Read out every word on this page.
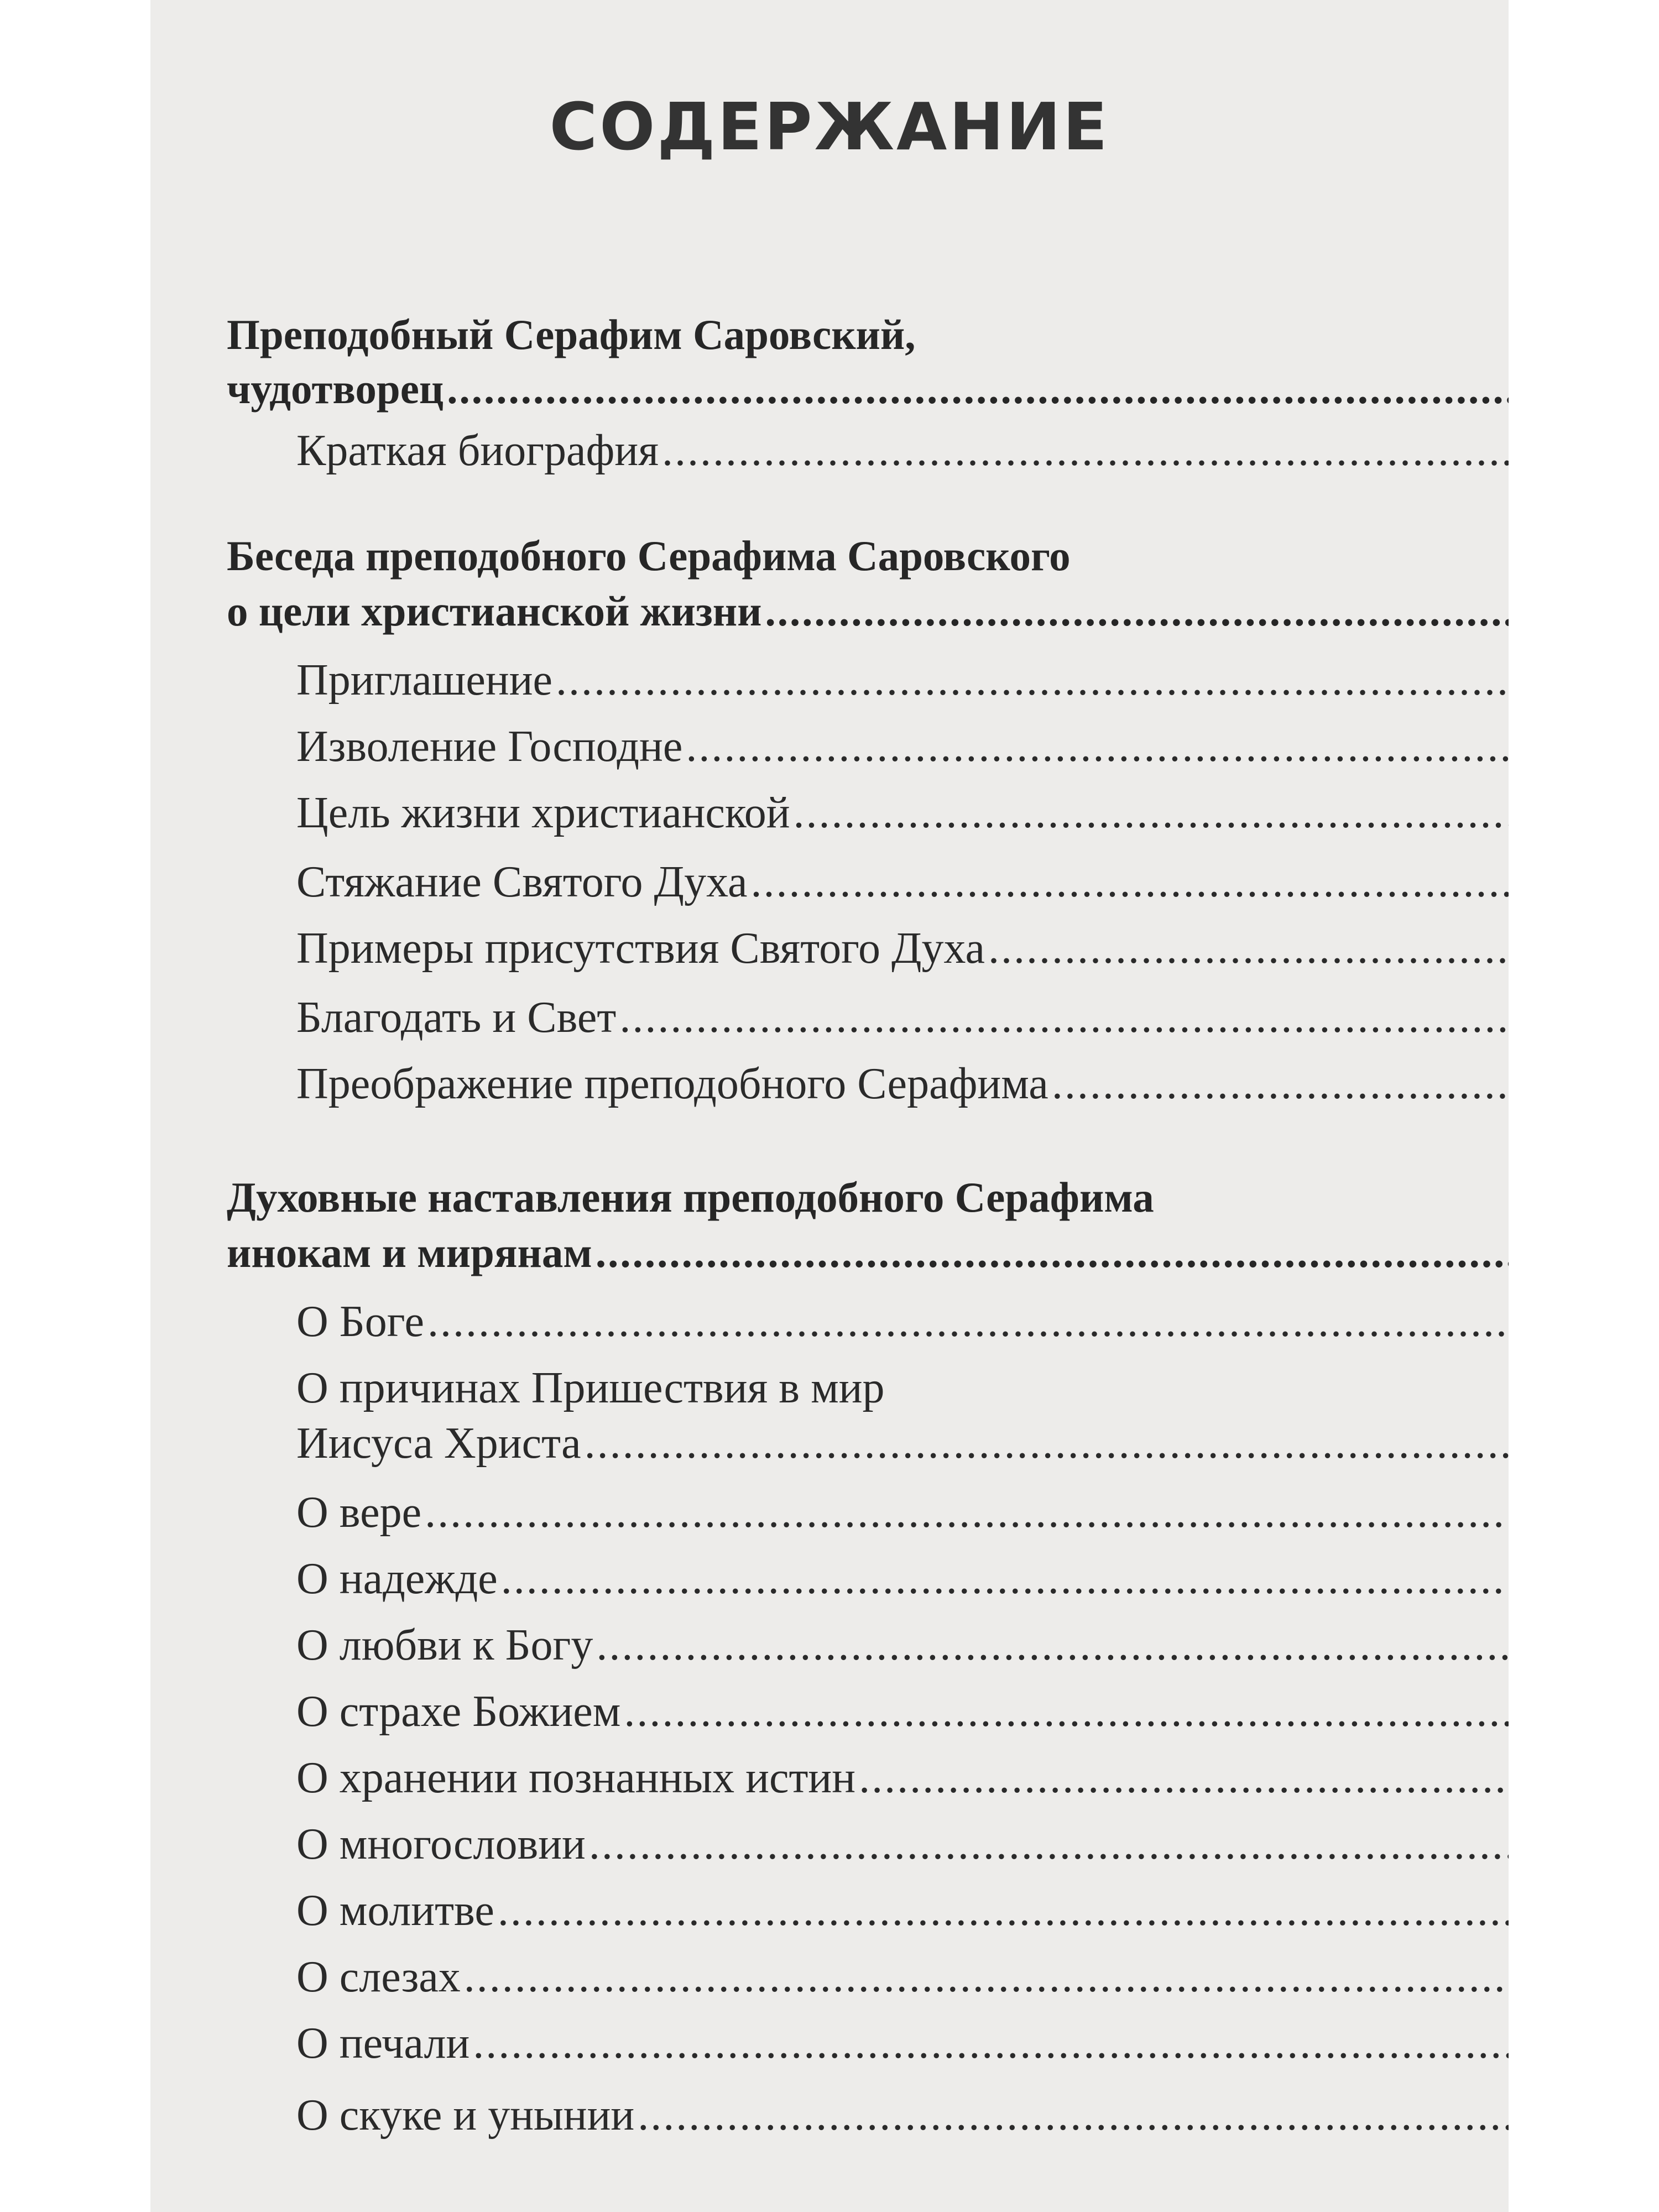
СОДЕРЖАНИЕ
Преподобный Серафим Саровский,
чудотворец
.....
Краткая биография
.....
Беседа преподобного Серафима Саровского
о цели христианской жизни
.....
Приглашение
.....
Изволение Господне
.....
Цель жизни христианской
.....
Стяжание Святого Духа
.....
Примеры присутствия Святого Духа
.....
Благодать и Свет
.....
Преображение преподобного Серафима
.....
Духовные наставления преподобного Серафима
инокам и мирянам
.....
О Боге
.....
О причинах Пришествия в мир
Иисуса Христа
.....
О вере
.....
О надежде
.....
О любви к Богу
.....
О страхе Божием
.....
О хранении познанных истин
.....
О многословии
.....
О молитве
.....
О слезах
.....
О печали
.....
О скуке и унынии
.....
